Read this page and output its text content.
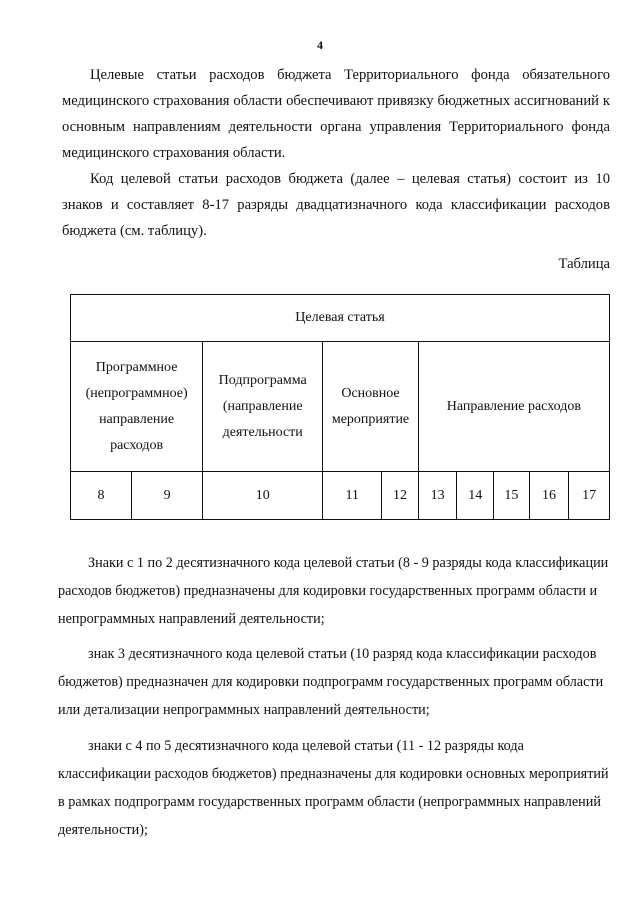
4

Целевые статьи расходов бюджета Территориального фонда обязательного медицинского страхования области обеспечивают привязку бюджетных ассигнований к основным направлениям деятельности органа управления Территориального фонда медицинского страхования области.

Код целевой статьи расходов бюджета (далее – целевая статья) состоит из 10 знаков и составляет 8-17 разряды двадцатизначного кода классификации расходов бюджета (см. таблицу).

Таблица
Целевая статья									
Программное (непрограммное) направление расходов		Подпрограмма (направление деятельности	Основное мероприятие		Направление расходов				
8	9	10	11	12	13	14	15	16	17

Знаки с 1 по 2 десятизначного кода целевой статьи (8 - 9 разряды кода классификации расходов бюджетов) предназначены для кодировки государственных программ области и непрограммных направлений деятельности;

знак 3 десятизначного кода целевой статьи (10 разряд кода классификации расходов бюджетов) предназначен для кодировки подпрограмм государственных программ области или детализации непрограммных направлений деятельности;

знаки с 4 по 5 десятизначного кода целевой статьи (11 - 12 разряды кода классификации расходов бюджетов) предназначены для кодировки основных мероприятий в рамках подпрограмм государственных программ области (непрограммных направлений деятельности);
